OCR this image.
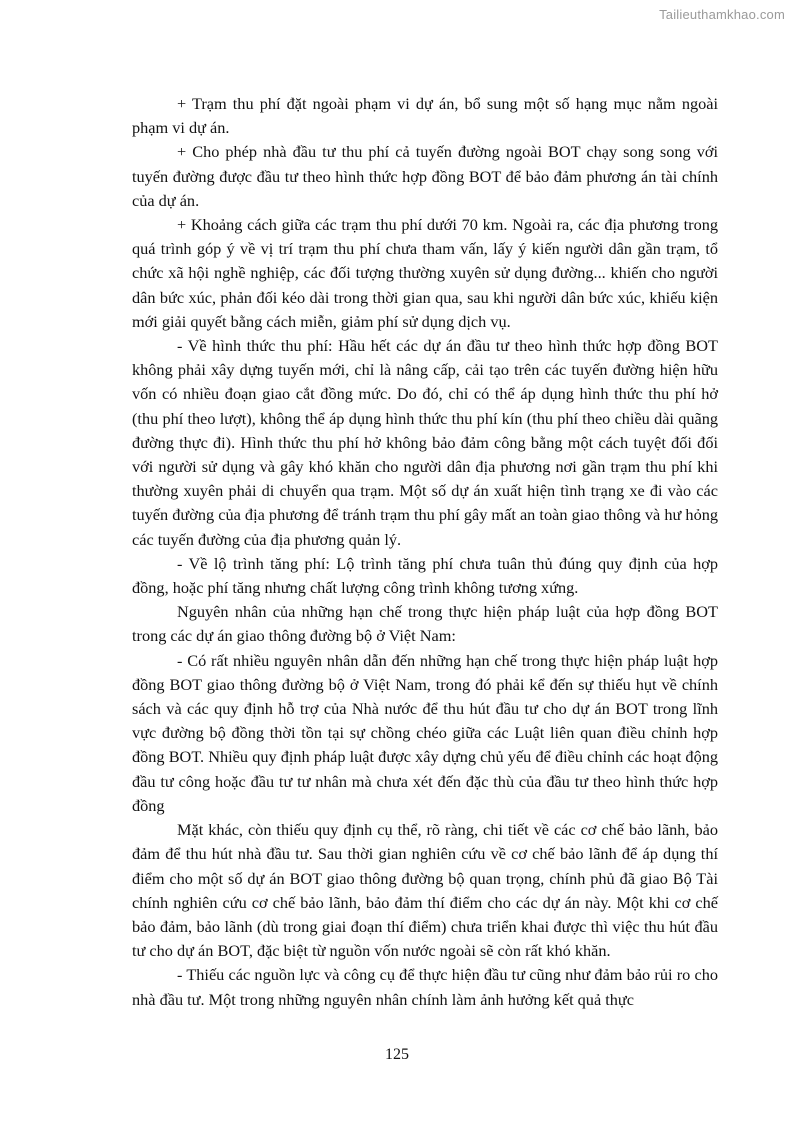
Tailieuthamkhao.com

+ Trạm thu phí đặt ngoài phạm vi dự án, bổ sung một số hạng mục nằm ngoài phạm vi dự án.

+ Cho phép nhà đầu tư thu phí cả tuyến đường ngoài BOT chạy song song với tuyến đường được đầu tư theo hình thức hợp đồng BOT để bảo đảm phương án tài chính của dự án.

+ Khoảng cách giữa các trạm thu phí dưới 70 km. Ngoài ra, các địa phương trong quá trình góp ý về vị trí trạm thu phí chưa tham vấn, lấy ý kiến người dân gần trạm, tổ chức xã hội nghề nghiệp, các đối tượng thường xuyên sử dụng đường... khiến cho người dân bức xúc, phản đối kéo dài trong thời gian qua, sau khi người dân bức xúc, khiếu kiện mới giải quyết bằng cách miễn, giảm phí sử dụng dịch vụ.

- Về hình thức thu phí: Hầu hết các dự án đầu tư theo hình thức hợp đồng BOT không phải xây dựng tuyến mới, chỉ là nâng cấp, cải tạo trên các tuyến đường hiện hữu vốn có nhiều đoạn giao cắt đồng mức. Do đó, chỉ có thể áp dụng hình thức thu phí hở (thu phí theo lượt), không thể áp dụng hình thức thu phí kín (thu phí theo chiều dài quãng đường thực đi). Hình thức thu phí hở không bảo đảm công bằng một cách tuyệt đối đối với người sử dụng và gây khó khăn cho người dân địa phương nơi gần trạm thu phí khi thường xuyên phải di chuyển qua trạm. Một số dự án xuất hiện tình trạng xe đi vào các tuyến đường của địa phương để tránh trạm thu phí gây mất an toàn giao thông và hư hỏng các tuyến đường của địa phương quản lý.

- Về lộ trình tăng phí: Lộ trình tăng phí chưa tuân thủ đúng quy định của hợp đồng, hoặc phí tăng nhưng chất lượng công trình không tương xứng.

Nguyên nhân của những hạn chế trong thực hiện pháp luật của hợp đồng BOT trong các dự án giao thông đường bộ ở Việt Nam:

- Có rất nhiều nguyên nhân dẫn đến những hạn chế trong thực hiện pháp luật hợp đồng BOT giao thông đường bộ ở Việt Nam, trong đó phải kể đến sự thiếu hụt về chính sách và các quy định hỗ trợ của Nhà nước để thu hút đầu tư cho dự án BOT trong lĩnh vực đường bộ đồng thời tồn tại sự chồng chéo giữa các Luật liên quan điều chỉnh hợp đồng BOT. Nhiều quy định pháp luật được xây dựng chủ yếu để điều chỉnh các hoạt động đầu tư công hoặc đầu tư tư nhân mà chưa xét đến đặc thù của đầu tư theo hình thức hợp đồng

Mặt khác, còn thiếu quy định cụ thể, rõ ràng, chi tiết về các cơ chế bảo lãnh, bảo đảm để thu hút nhà đầu tư. Sau thời gian nghiên cứu về cơ chế bảo lãnh để áp dụng thí điểm cho một số dự án BOT giao thông đường bộ quan trọng, chính phủ đã giao Bộ Tài chính nghiên cứu cơ chế bảo lãnh, bảo đảm thí điểm cho các dự án này. Một khi cơ chế bảo đảm, bảo lãnh (dù trong giai đoạn thí điểm) chưa triển khai được thì việc thu hút đầu tư cho dự án BOT, đặc biệt từ nguồn vốn nước ngoài sẽ còn rất khó khăn.

- Thiếu các nguồn lực và công cụ để thực hiện đầu tư cũng như đảm bảo rủi ro cho nhà đầu tư. Một trong những nguyên nhân chính làm ảnh hưởng kết quả thực

125
